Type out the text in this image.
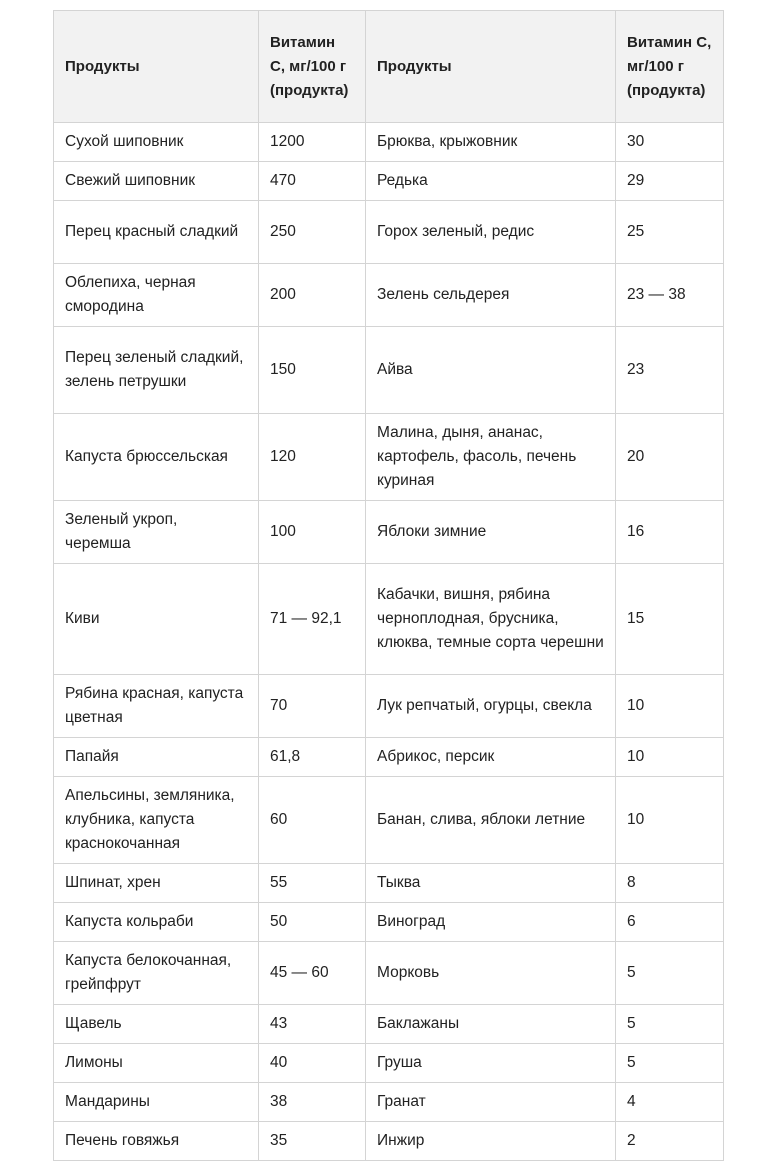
Продукты	Витамин С, мг/100 г (продукта)	Продукты	Витамин С, мг/100 г (продукта)
Сухой шиповник	1200	Брюква, крыжовник	30
Свежий шиповник	470	Редька	29
Перец красный сладкий	250	Горох зеленый, редис	25
Облепиха, черная смородина	200	Зелень сельдерея	23 — 38
Перец зеленый сладкий, зелень петрушки	150	Айва	23
Капуста брюссельская	120	Малина, дыня, ананас, картофель, фасоль, печень куриная	20
Зеленый укроп, черемша	100	Яблоки зимние	16
Киви	71 — 92,1	Кабачки, вишня, рябина черноплодная, брусника, клюква, темные сорта черешни	15
Рябина красная, капуста цветная	70	Лук репчатый, огурцы, свекла	10
Папайя	61,8	Абрикос, персик	10
Апельсины, земляника, клубника, капуста краснокочанная	60	Банан, слива, яблоки летние	10
Шпинат, хрен	55	Тыква	8
Капуста кольраби	50	Виноград	6
Капуста белокочанная, грейпфрут	45 — 60	Морковь	5
Щавель	43	Баклажаны	5
Лимоны	40	Груша	5
Мандарины	38	Гранат	4
Печень говяжья	35	Инжир	2
